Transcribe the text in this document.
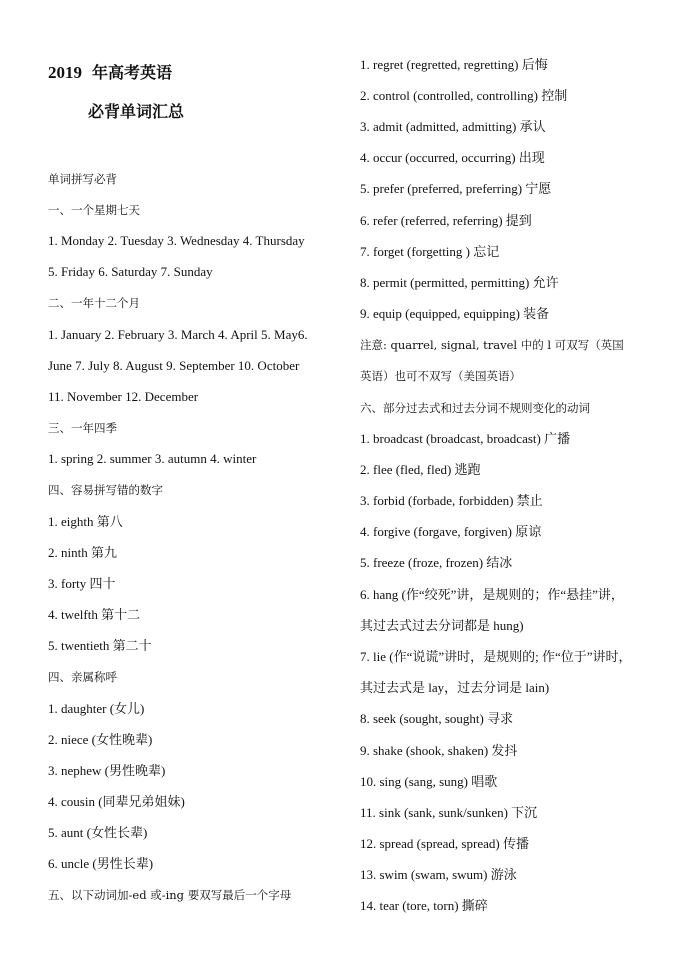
2019 年高考英语
必背单词汇总
单词拼写必背
一、一个星期七天
1. Monday 2. Tuesday 3. Wednesday 4. Thursday
5. Friday 6. Saturday 7. Sunday
二、一年十二个月
1. January 2. February 3. March 4. April 5. May6.
June 7. July 8. August 9. September 10. October
11. November 12. December
三、一年四季
1. spring 2. summer 3. autumn 4. winter
四、容易拼写错的数字
1. eighth 第八
2. ninth 第九
3. forty 四十
4. twelfth 第十二
5. twentieth 第二十
四、亲属称呼
1. daughter (女儿)
2. niece (女性晚辈)
3. nephew (男性晚辈)
4. cousin (同辈兄弟姐妹)
5. aunt (女性长辈)
6. uncle (男性长辈)
五、以下动词加-ed 或-ing 要双写最后一个字母
1. regret (regretted, regretting) 后悔
2. control (controlled, controlling) 控制
3. admit (admitted, admitting) 承认
4. occur (occurred, occurring) 出现
5. prefer (preferred, preferring) 宁愿
6. refer (referred, referring) 提到
7. forget (forgetting ) 忘记
8. permit (permitted, permitting) 允许
9. equip (equipped, equipping) 装备
注意: quarrel, signal, travel 中的 l 可双写（英国
英语）也可不双写（美国英语）
六、部分过去式和过去分词不规则变化的动词
1. broadcast (broadcast, broadcast) 广播
2. flee (fled, fled) 逃跑
3. forbid (forbade, forbidden) 禁止
4. forgive (forgave, forgiven) 原谅
5. freeze (froze, frozen) 结冰
6. hang (作“绞死”讲，是规则的；作“悬挂”讲，
其过去式过去分词都是 hung)
7. lie (作“说谎”讲时，是规则的; 作“位于”讲时，
其过去式是 lay，过去分词是 lain)
8. seek (sought, sought) 寻求
9. shake (shook, shaken) 发抖
10. sing (sang, sung) 唱歌
11. sink (sank, sunk/sunken) 下沉
12. spread (spread, spread) 传播
13. swim (swam, swum) 游泳
14. tear (tore, torn) 撕碎
